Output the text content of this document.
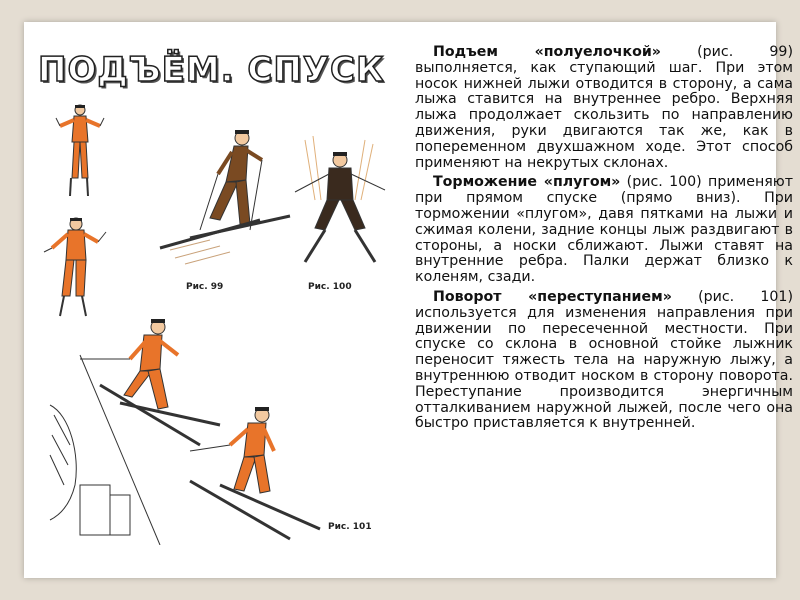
ПОДЪЁМ. СПУСК
Рис. 99	Рис. 100
Рис. 101

Подъем «полуелочкой» (рис. 99) выполняется, как ступающий шаг. При этом носок нижней лыжи отводится в сторону, а сама лыжа ставится на внутреннее ребро. Верхняя лыжа продолжает скользить по направлению движения, руки двигаются так же, как в попеременном двухшажном ходе. Этот способ применяют на некрутых склонах.

Торможение «плугом» (рис. 100) применяют при прямом спуске (прямо вниз). При торможении «плугом», давя пятками на лыжи и сжимая колени, задние концы лыж раздвигают в стороны, а носки сближают. Лыжи ставят на внутренние ребра. Палки держат близко к коленям, сзади.

Поворот «переступанием» (рис. 101) используется для изменения направления при движении по пересеченной местности. При спуске со склона в основной стойке лыжник переносит тяжесть тела на наружную лыжу, а внутреннюю отводит носком в сторону поворота. Переступание производится энергичным отталкиванием наружной лыжей, после чего она быстро приставляется к внутренней.
